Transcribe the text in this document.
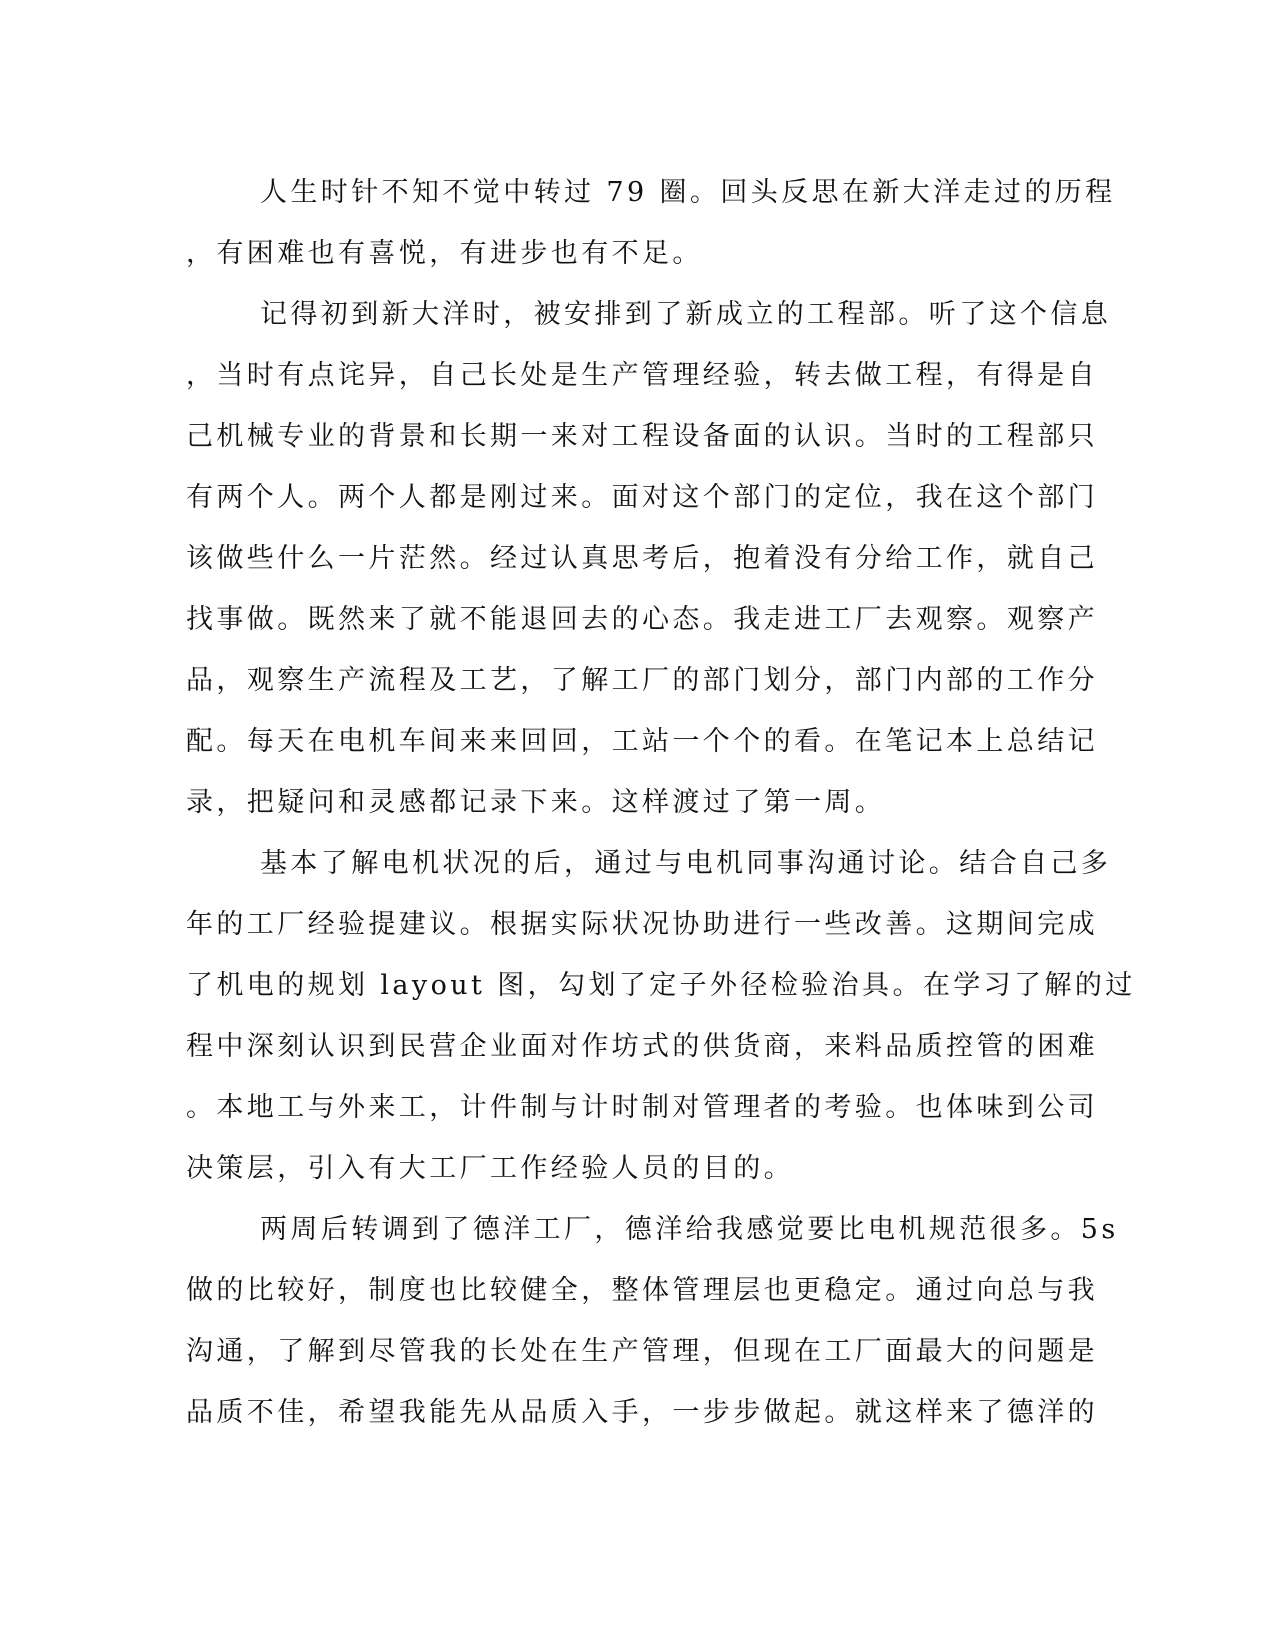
人生时针不知不觉中转过 79 圈。回头反思在新大洋走过的历程
，有困难也有喜悦，有进步也有不足。
记得初到新大洋时，被安排到了新成立的工程部。听了这个信息
，当时有点诧异，自己长处是生产管理经验，转去做工程，有得是自
己机械专业的背景和长期一来对工程设备面的认识。当时的工程部只
有两个人。两个人都是刚过来。面对这个部门的定位，我在这个部门
该做些什么一片茫然。经过认真思考后，抱着没有分给工作，就自己
找事做。既然来了就不能退回去的心态。我走进工厂去观察。观察产
品，观察生产流程及工艺，了解工厂的部门划分，部门内部的工作分
配。每天在电机车间来来回回，工站一个个的看。在笔记本上总结记
录，把疑问和灵感都记录下来。这样渡过了第一周。
基本了解电机状况的后，通过与电机同事沟通讨论。结合自己多
年的工厂经验提建议。根据实际状况协助进行一些改善。这期间完成
了机电的规划 layout 图，勾划了定子外径检验治具。在学习了解的过
程中深刻认识到民营企业面对作坊式的供货商，来料品质控管的困难
。本地工与外来工，计件制与计时制对管理者的考验。也体味到公司
决策层，引入有大工厂工作经验人员的目的。
两周后转调到了德洋工厂，德洋给我感觉要比电机规范很多。5s
做的比较好，制度也比较健全，整体管理层也更稳定。通过向总与我
沟通，了解到尽管我的长处在生产管理，但现在工厂面最大的问题是
品质不佳，希望我能先从品质入手，一步步做起。就这样来了德洋的
